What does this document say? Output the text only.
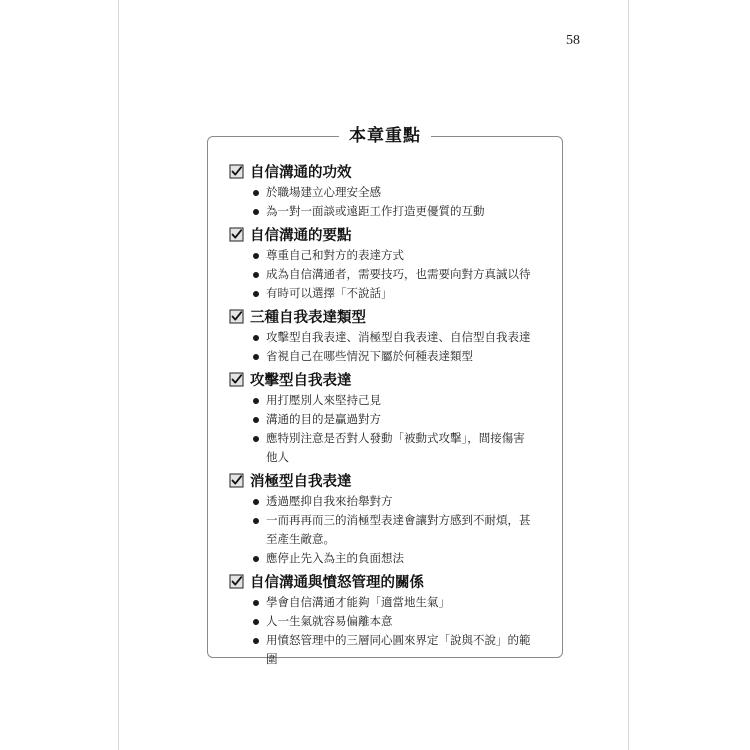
58
本章重點
自信溝通的功效
於職場建立心理安全感
為一對一面談或遠距工作打造更優質的互動
自信溝通的要點
尊重自己和對方的表達方式
成為自信溝通者，需要技巧，也需要向對方真誠以待
有時可以選擇「不說話」
三種自我表達類型
攻擊型自我表達、消極型自我表達、自信型自我表達
省視自己在哪些情況下屬於何種表達類型
攻擊型自我表達
用打壓別人來堅持己見
溝通的目的是贏過對方
應特別注意是否對人發動「被動式攻擊」，間接傷害
他人
消極型自我表達
透過壓抑自我來抬舉對方
一而再再而三的消極型表達會讓對方感到不耐煩，甚
至產生敵意。
應停止先入為主的負面想法
自信溝通與憤怒管理的關係
學會自信溝通才能夠「適當地生氣」
人一生氣就容易偏離本意
用憤怒管理中的三層同心圓來界定「說與不說」的範
圍
